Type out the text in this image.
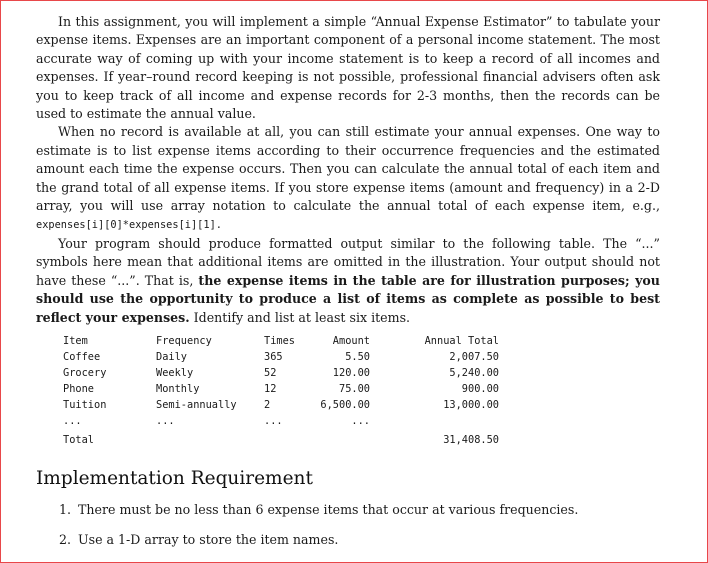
In this assignment, you will implement a simple “Annual Expense Estimator” to tabulate your expense items. Expenses are an important component of a personal income statement. The most accurate way of coming up with your income statement is to keep a record of all incomes and expenses. If year–round record keeping is not possible, professional financial advisers often ask you to keep track of all income and expense records for 2-3 months, then the records can be used to estimate the annual value.

When no record is available at all, you can still estimate your annual expenses. One way to estimate is to list expense items according to their occurrence frequencies and the estimated amount each time the expense occurs. Then you can calculate the annual total of each item and the grand total of all expense items. If you store expense items (amount and frequency) in a 2-D array, you will use array notation to calculate the annual total of each expense item, e.g., expenses[i][0]*expenses[i][1].

Your program should produce formatted output similar to the following table. The “...” symbols here mean that additional items are omitted in the illustration. Your output should not have these “...”. That is, the expense items in the table are for illustration purposes; you should use the opportunity to produce a list of items as complete as possible to best reflect your expenses. Identify and list at least six items.

Item	Frequency	Times	Amount		Annual Total
Coffee	Daily	365	5.50		2,007.50
Grocery	Weekly	52	120.00		5,240.00
Phone	Monthly	12	75.00		900.00
Tuition	Semi-annually	2	6,500.00		13,000.00
...	...	...	...		
Total					31,408.50
Implementation Requirement
1. There must be no less than 6 expense items that occur at various frequencies.
2. Use a 1-D array to store the item names.
